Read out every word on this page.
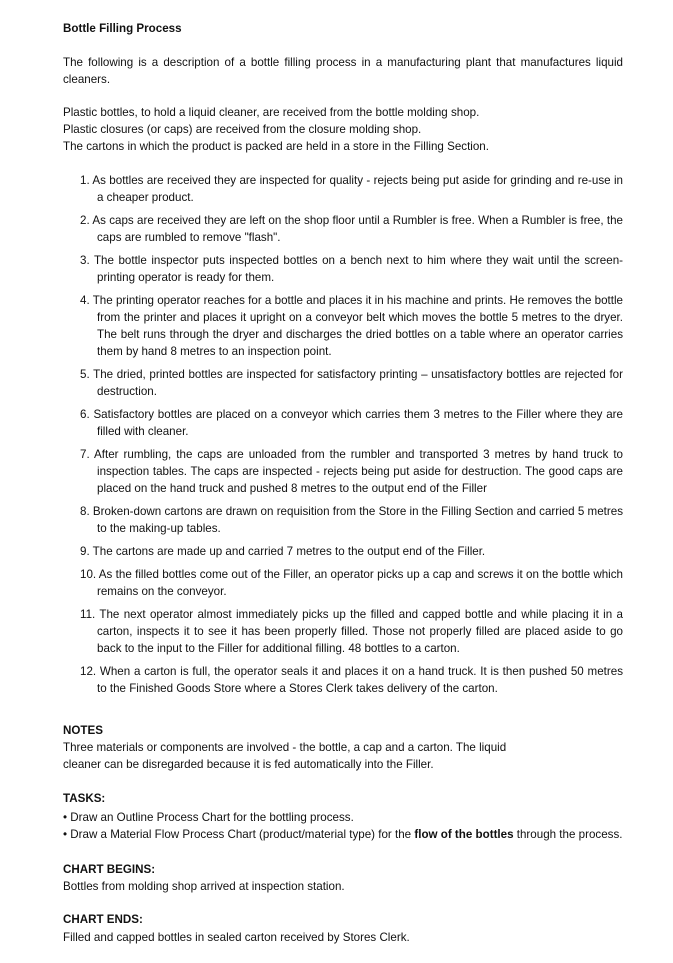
Bottle Filling Process
The following is a description of a bottle filling process in a manufacturing plant that manufactures liquid cleaners.
Plastic bottles, to hold a liquid cleaner, are received from the bottle molding shop.
Plastic closures (or caps) are received from the closure molding shop.
The cartons in which the product is packed are held in a store in the Filling Section.
1. As bottles are received they are inspected for quality - rejects being put aside for grinding and re-use in a cheaper product.
2. As caps are received they are left on the shop floor until a Rumbler is free. When a Rumbler is free, the caps are rumbled to remove "flash".
3. The bottle inspector puts inspected bottles on a bench next to him where they wait until the screen-printing operator is ready for them.
4. The printing operator reaches for a bottle and places it in his machine and prints. He removes the bottle from the printer and places it upright on a conveyor belt which moves the bottle 5 metres to the dryer. The belt runs through the dryer and discharges the dried bottles on a table where an operator carries them by hand 8 metres to an inspection point.
5. The dried, printed bottles are inspected for satisfactory printing – unsatisfactory bottles are rejected for destruction.
6. Satisfactory bottles are placed on a conveyor which carries them 3 metres to the Filler where they are filled with cleaner.
7. After rumbling, the caps are unloaded from the rumbler and transported 3 metres by hand truck to inspection tables. The caps are inspected - rejects being put aside for destruction. The good caps are placed on the hand truck and pushed 8 metres to the output end of the Filler
8. Broken-down cartons are drawn on requisition from the Store in the Filling Section and carried 5 metres to the making-up tables.
9. The cartons are made up and carried 7 metres to the output end of the Filler.
10. As the filled bottles come out of the Filler, an operator picks up a cap and screws it on the bottle which remains on the conveyor.
11. The next operator almost immediately picks up the filled and capped bottle and while placing it in a carton, inspects it to see it has been properly filled. Those not properly filled are placed aside to go back to the input to the Filler for additional filling. 48 bottles to a carton.
12. When a carton is full, the operator seals it and places it on a hand truck. It is then pushed 50 metres to the Finished Goods Store where a Stores Clerk takes delivery of the carton.
NOTES
Three materials or components are involved - the bottle, a cap and a carton. The liquid cleaner can be disregarded because it is fed automatically into the Filler.
TASKS:
• Draw an Outline Process Chart for the bottling process.
• Draw a Material Flow Process Chart (product/material type) for the flow of the bottles through the process.
CHART BEGINS:
Bottles from molding shop arrived at inspection station.
CHART ENDS:
Filled and capped bottles in sealed carton received by Stores Clerk.
